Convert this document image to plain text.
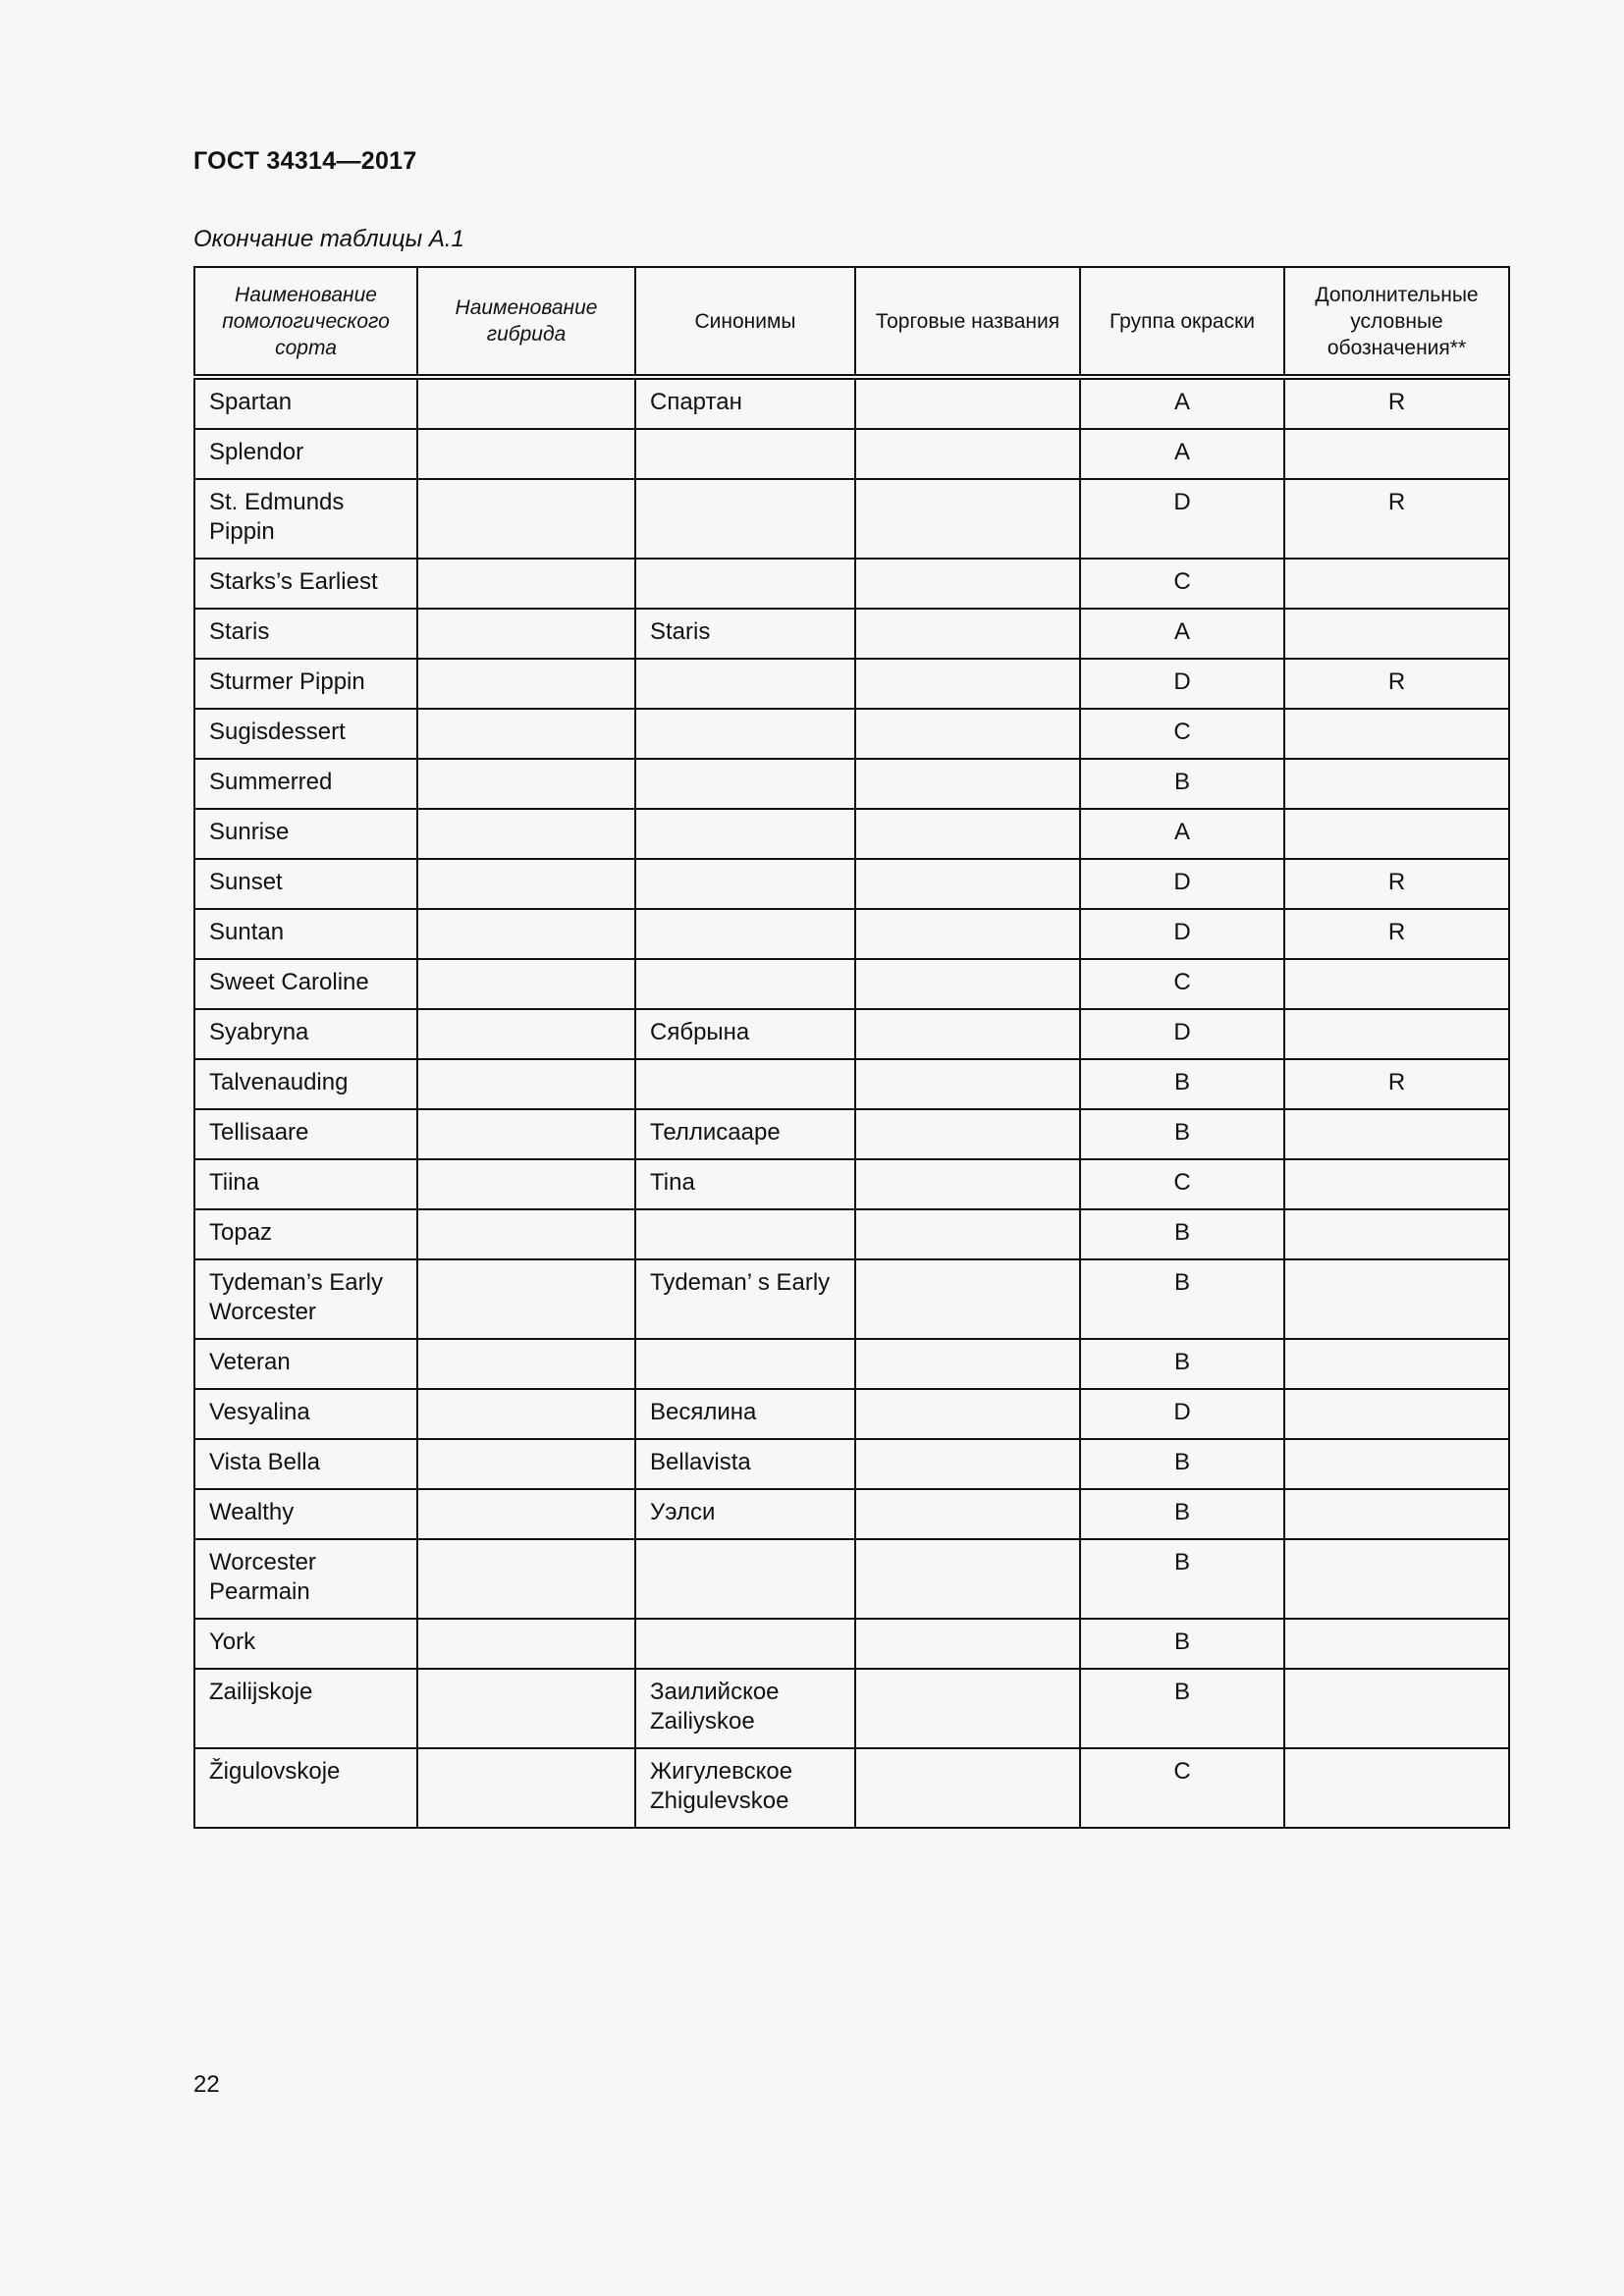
ГОСТ 34314—2017
Окончание таблицы А.1
Наименование помологического сорта	Наименование гибрида	Синонимы	Торговые названия	Группа окраски	Дополнительные условные обозначения**
Spartan		Спартан		A	R
Splendor				A	
St. Edmunds Pippin				D	R
Starks’s Earliest				C	
Staris		Staris		A	
Sturmer Pippin				D	R
Sugisdessert				C	
Summerred				B	
Sunrise				A	
Sunset				D	R
Suntan				D	R
Sweet Caroline				C	
Syabryna		Сябрына		D	
Talvenauding				B	R
Tellisaare		Теллисааре		B	
Tiina		Tina		C	
Topaz				B	
Tydeman’s Early Worcester		Tydeman’ s Early		B	
Veteran				B	
Vesyalina		Весялина		D	
Vista Bella		Bellavista		B	
Wealthy		Уэлси		B	
Worcester Pearmain				B	
York				B	
Zailijskoje		Заилийское Zailiyskoe		B	
Žigulovskoje		Жигулевское Zhigulevskoe		C	
22
